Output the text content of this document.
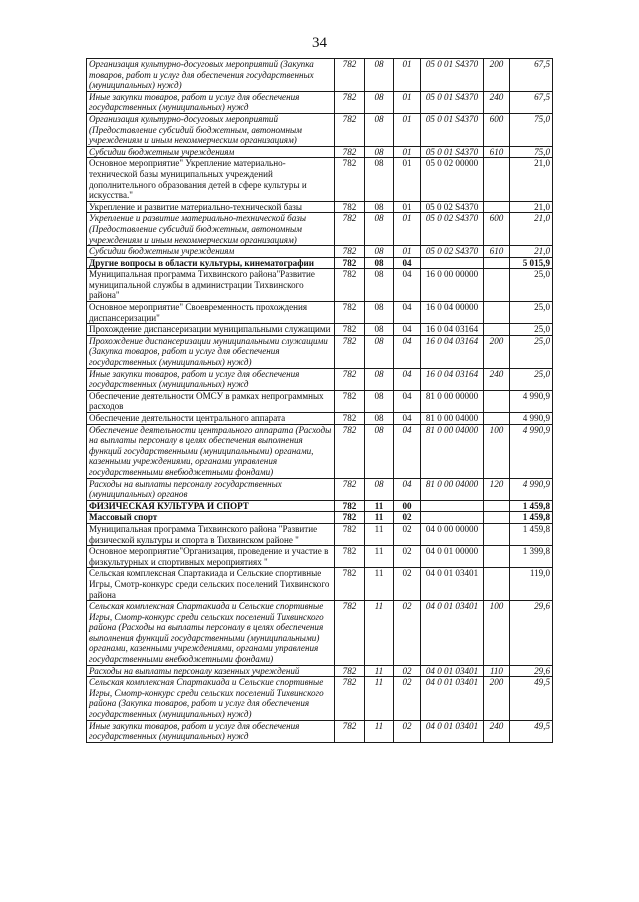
34
Организация культурно-досуговых мероприятий (Закупка товаров, работ и услуг для обеспечения государственных (муниципальных) нужд)	782	08	01	05 0 01 S4370	200	67,5
Иные закупки товаров, работ и услуг для обеспечения государственных (муниципальных) нужд	782	08	01	05 0 01 S4370	240	67,5
Организация культурно-досуговых мероприятий (Предоставление субсидий бюджетным, автономным учреждениям и иным некоммерческим организациям)	782	08	01	05 0 01 S4370	600	75,0
Субсидии бюджетным учреждениям	782	08	01	05 0 01 S4370	610	75,0
Основное мероприятие" Укрепление материально-технической базы муниципальных учреждений дополнительного образования детей в сфере культуры и искусства."	782	08	01	05 0 02 00000		21,0
Укрепление и развитие материально-технической базы	782	08	01	05 0 02 S4370		21,0
Укрепление и развитие материально-технической базы (Предоставление субсидий бюджетным, автономным учреждениям и иным некоммерческим организациям)	782	08	01	05 0 02 S4370	600	21,0
Субсидии бюджетным учреждениям	782	08	01	05 0 02 S4370	610	21,0
Другие вопросы в области культуры, кинематографии	782	08	04			5 015,9
Муниципальная программа Тихвинского района"Развитие муниципальной службы в администрации Тихвинского района"	782	08	04	16 0 00 00000		25,0
Основное мероприятие" Своевременность прохождения диспансеризации"	782	08	04	16 0 04 00000		25,0
Прохождение диспансеризации муниципальными служащими	782	08	04	16 0 04 03164		25,0
Прохождение диспансеризации муниципальными служащими (Закупка товаров, работ и услуг для обеспечения государственных (муниципальных) нужд)	782	08	04	16 0 04 03164	200	25,0
Иные закупки товаров, работ и услуг для обеспечения государственных (муниципальных) нужд	782	08	04	16 0 04 03164	240	25,0
Обеспечение деятельности ОМСУ в рамках непрограммных расходов	782	08	04	81 0 00 00000		4 990,9
Обеспечение деятельности центрального аппарата	782	08	04	81 0 00 04000		4 990,9
Обеспечение деятельности центрального аппарата (Расходы на выплаты персоналу в целях обеспечения выполнения функций государственными (муниципальными) органами, казенными учреждениями, органами управления государственными внебюджетными фондами)	782	08	04	81 0 00 04000	100	4 990,9
Расходы на выплаты персоналу государственных (муниципальных) органов	782	08	04	81 0 00 04000	120	4 990,9
ФИЗИЧЕСКАЯ КУЛЬТУРА И СПОРТ	782	11	00			1 459,8
Массовый спорт	782	11	02			1 459,8
Муниципальная программа Тихвинского района "Развитие физической культуры и спорта в Тихвинском районе "	782	11	02	04 0 00 00000		1 459,8
Основное мероприятие"Организация, проведение и участие в физкультурных и спортивных мероприятиях "	782	11	02	04 0 01 00000		1 399,8
Сельская комплексная Спартакиада и Сельские спортивные Игры, Смотр-конкурс среди сельских поселений Тихвинского района	782	11	02	04 0 01 03401		119,0
Сельская комплексная Спартакиада и Сельские спортивные Игры, Смотр-конкурс среди сельских поселений Тихвинского района (Расходы на выплаты персоналу в целях обеспечения выполнения функций государственными (муниципальными) органами, казенными учреждениями, органами управления государственными внебюджетными фондами)	782	11	02	04 0 01 03401	100	29,6
Расходы на выплаты персоналу казенных учреждений	782	11	02	04 0 01 03401	110	29,6
Сельская комплексная Спартакиада и Сельские спортивные Игры, Смотр-конкурс среди сельских поселений Тихвинского района (Закупка товаров, работ и услуг для обеспечения государственных (муниципальных) нужд)	782	11	02	04 0 01 03401	200	49,5
Иные закупки товаров, работ и услуг для обеспечения государственных (муниципальных) нужд	782	11	02	04 0 01 03401	240	49,5
